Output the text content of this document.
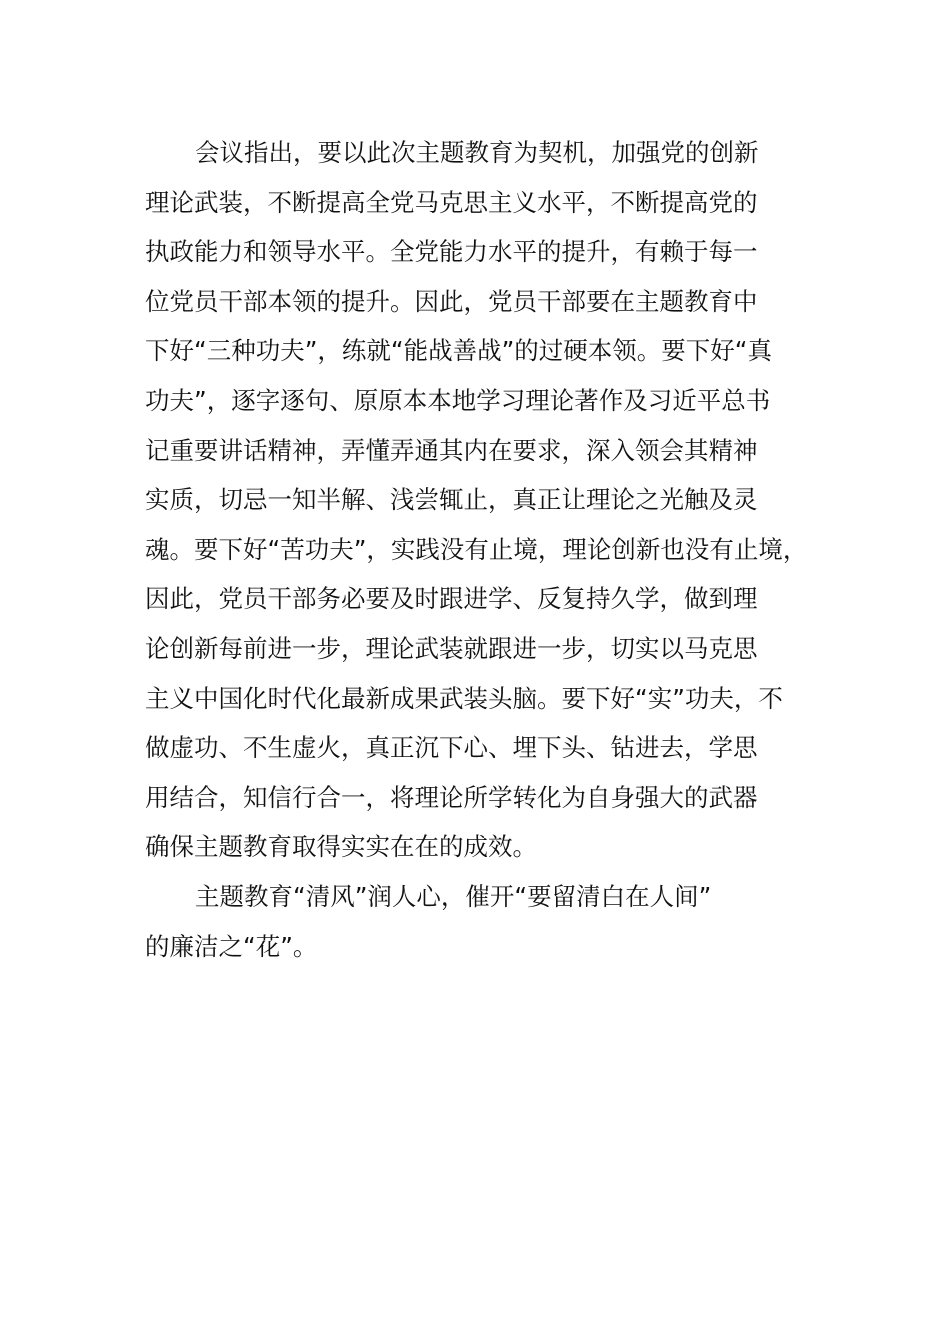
会议指出，要以此次主题教育为契机，加强党的创新
理论武装，不断提高全党马克思主义水平，不断提高党的
执政能力和领导水平。全党能力水平的提升，有赖于每一
位党员干部本领的提升。因此，党员干部要在主题教育中
下好“三种功夫”，练就“能战善战”的过硬本领。要下好“真
功夫”，逐字逐句、原原本本地学习理论著作及习近平总书
记重要讲话精神，弄懂弄通其内在要求，深入领会其精神
实质，切忌一知半解、浅尝辄止，真正让理论之光触及灵
魂。要下好“苦功夫”，实践没有止境，理论创新也没有止境，
因此，党员干部务必要及时跟进学、反复持久学，做到理
论创新每前进一步，理论武装就跟进一步，切实以马克思
主义中国化时代化最新成果武装头脑。要下好“实”功夫，不
做虚功、不生虚火，真正沉下心、埋下头、钻进去，学思
用结合，知信行合一，将理论所学转化为自身强大的武器
确保主题教育取得实实在在的成效。

主题教育“清风”润人心，催开“要留清白在人间”
的廉洁之“花”。
